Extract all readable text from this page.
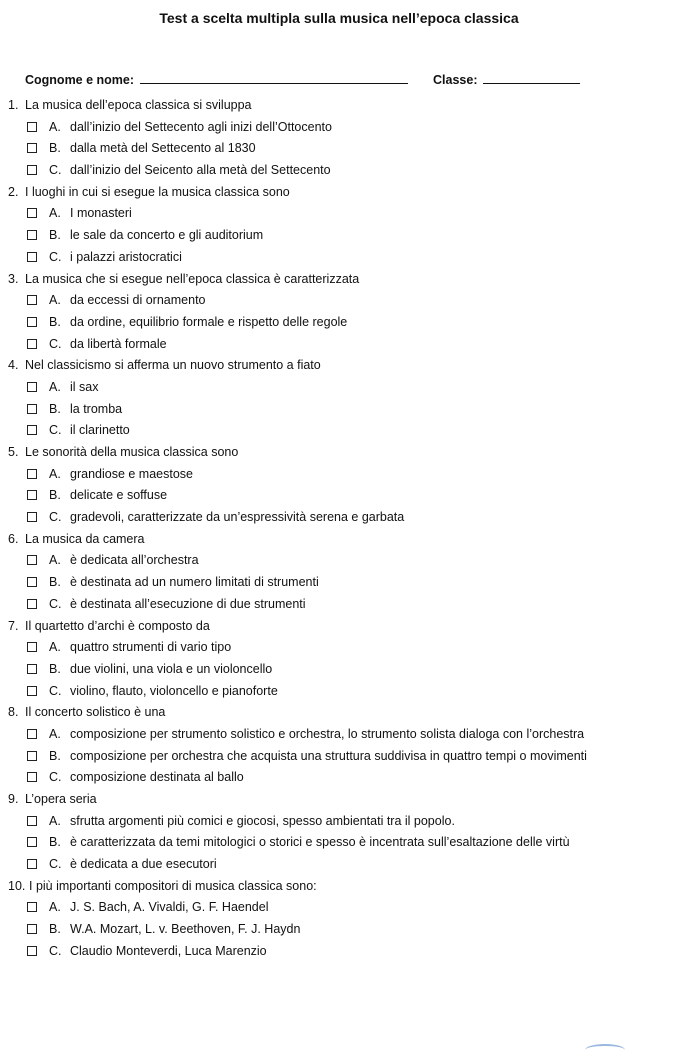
Test a scelta multipla sulla musica nell’epoca classica
Cognome e nome:	Classe:
1. La musica dell’epoca classica si sviluppa
A. dall’inizio del Settecento agli inizi dell’Ottocento
B. dalla metà del Settecento al 1830
C. dall’inizio del Seicento alla metà del Settecento
2. I luoghi in cui si esegue la musica classica sono
A. I monasteri
B. le sale da concerto e gli auditorium
C. i palazzi aristocratici
3. La musica che si esegue nell’epoca classica è caratterizzata
A. da eccessi di ornamento
B. da ordine, equilibrio formale e rispetto delle regole
C. da libertà formale
4. Nel classicismo si afferma un nuovo strumento a fiato
A. il sax
B. la tromba
C. il clarinetto
5. Le sonorità della musica classica sono
A. grandiose e maestose
B. delicate e soffuse
C. gradevoli, caratterizzate da un’espressività serena e garbata
6. La musica da camera
A. è dedicata all’orchestra
B. è destinata ad un numero limitati di strumenti
C. è destinata all’esecuzione di due strumenti
7. Il quartetto d’archi è composto da
A. quattro strumenti di vario tipo
B. due violini, una viola e un violoncello
C. violino, flauto, violoncello e pianoforte
8. Il concerto solistico è una
A. composizione per strumento solistico e orchestra, lo strumento solista dialoga con l’orchestra
B. composizione per orchestra che acquista una struttura suddivisa in quattro tempi o movimenti
C. composizione destinata al ballo
9. L’opera seria
A. sfrutta argomenti più comici e giocosi, spesso ambientati tra il popolo.
B. è caratterizzata da temi mitologici o storici e spesso è incentrata sull’esaltazione delle virtù
C. è dedicata a due esecutori
10. I più importanti compositori di musica classica sono:
A. J. S. Bach, A. Vivaldi, G. F. Haendel
B. W.A. Mozart, L. v. Beethoven, F. J. Haydn
C. Claudio Monteverdi, Luca Marenzio
